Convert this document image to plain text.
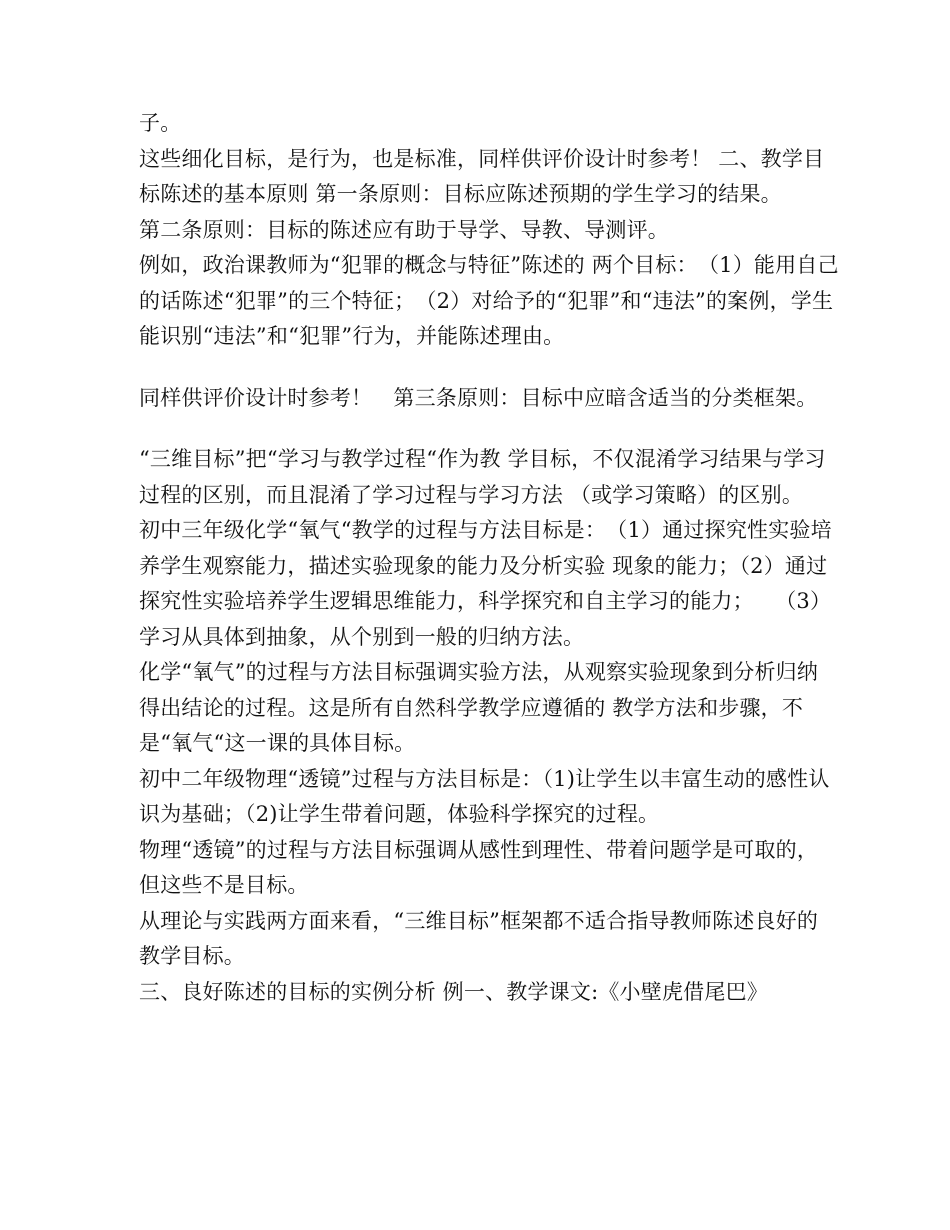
子。

这些细化目标，是行为，也是标准，同样供评价设计时参考！ 二、教学目标陈述的基本原则 第一条原则：目标应陈述预期的学生学习的结果。

第二条原则：目标的陈述应有助于导学、导教、导测评。

例如，政治课教师为“犯罪的概念与特征”陈述的 两个目标：　（1）能用自己的话陈述“犯罪”的三个特征；　（2）对给予的“犯罪”和“违法”的案例，学生能识别“违法”和“犯罪”行为，并能陈述理由。

同样供评价设计时参考！　第三条原则：目标中应暗含适当的分类框架。

“三维目标”把“学习与教学过程“作为教 学目标，不仅混淆学习结果与学习过程的区别，而且混淆了学习过程与学习方法 （或学习策略）的区别。

初中三年级化学“氧气“教学的过程与方法目标是：　（1）通过探究性实验培养学生观察能力，描述实验现象的能力及分析实验 现象的能力；（2）通过探究性实验培养学生逻辑思维能力，科学探究和自主学习的能力；　　（3）学习从具体到抽象，从个别到一般的归纳方法。

化学“氧气”的过程与方法目标强调实验方法，从观察实验现象到分析归纳得出结论的过程。这是所有自然科学教学应遵循的 教学方法和步骤，不是“氧气“这一课的具体目标。

初中二年级物理“透镜”过程与方法目标是：（1)让学生以丰富生动的感性认识为基础；（2)让学生带着问题，体验科学探究的过程。

物理“透镜”的过程与方法目标强调从感性到理性、带着问题学是可取的，但这些不是目标。

从理论与实践两方面来看，“三维目标”框架都不适合指导教师陈述良好的教学目标。

三、良好陈述的目标的实例分析 例一、教学课文:《小壁虎借尾巴》
